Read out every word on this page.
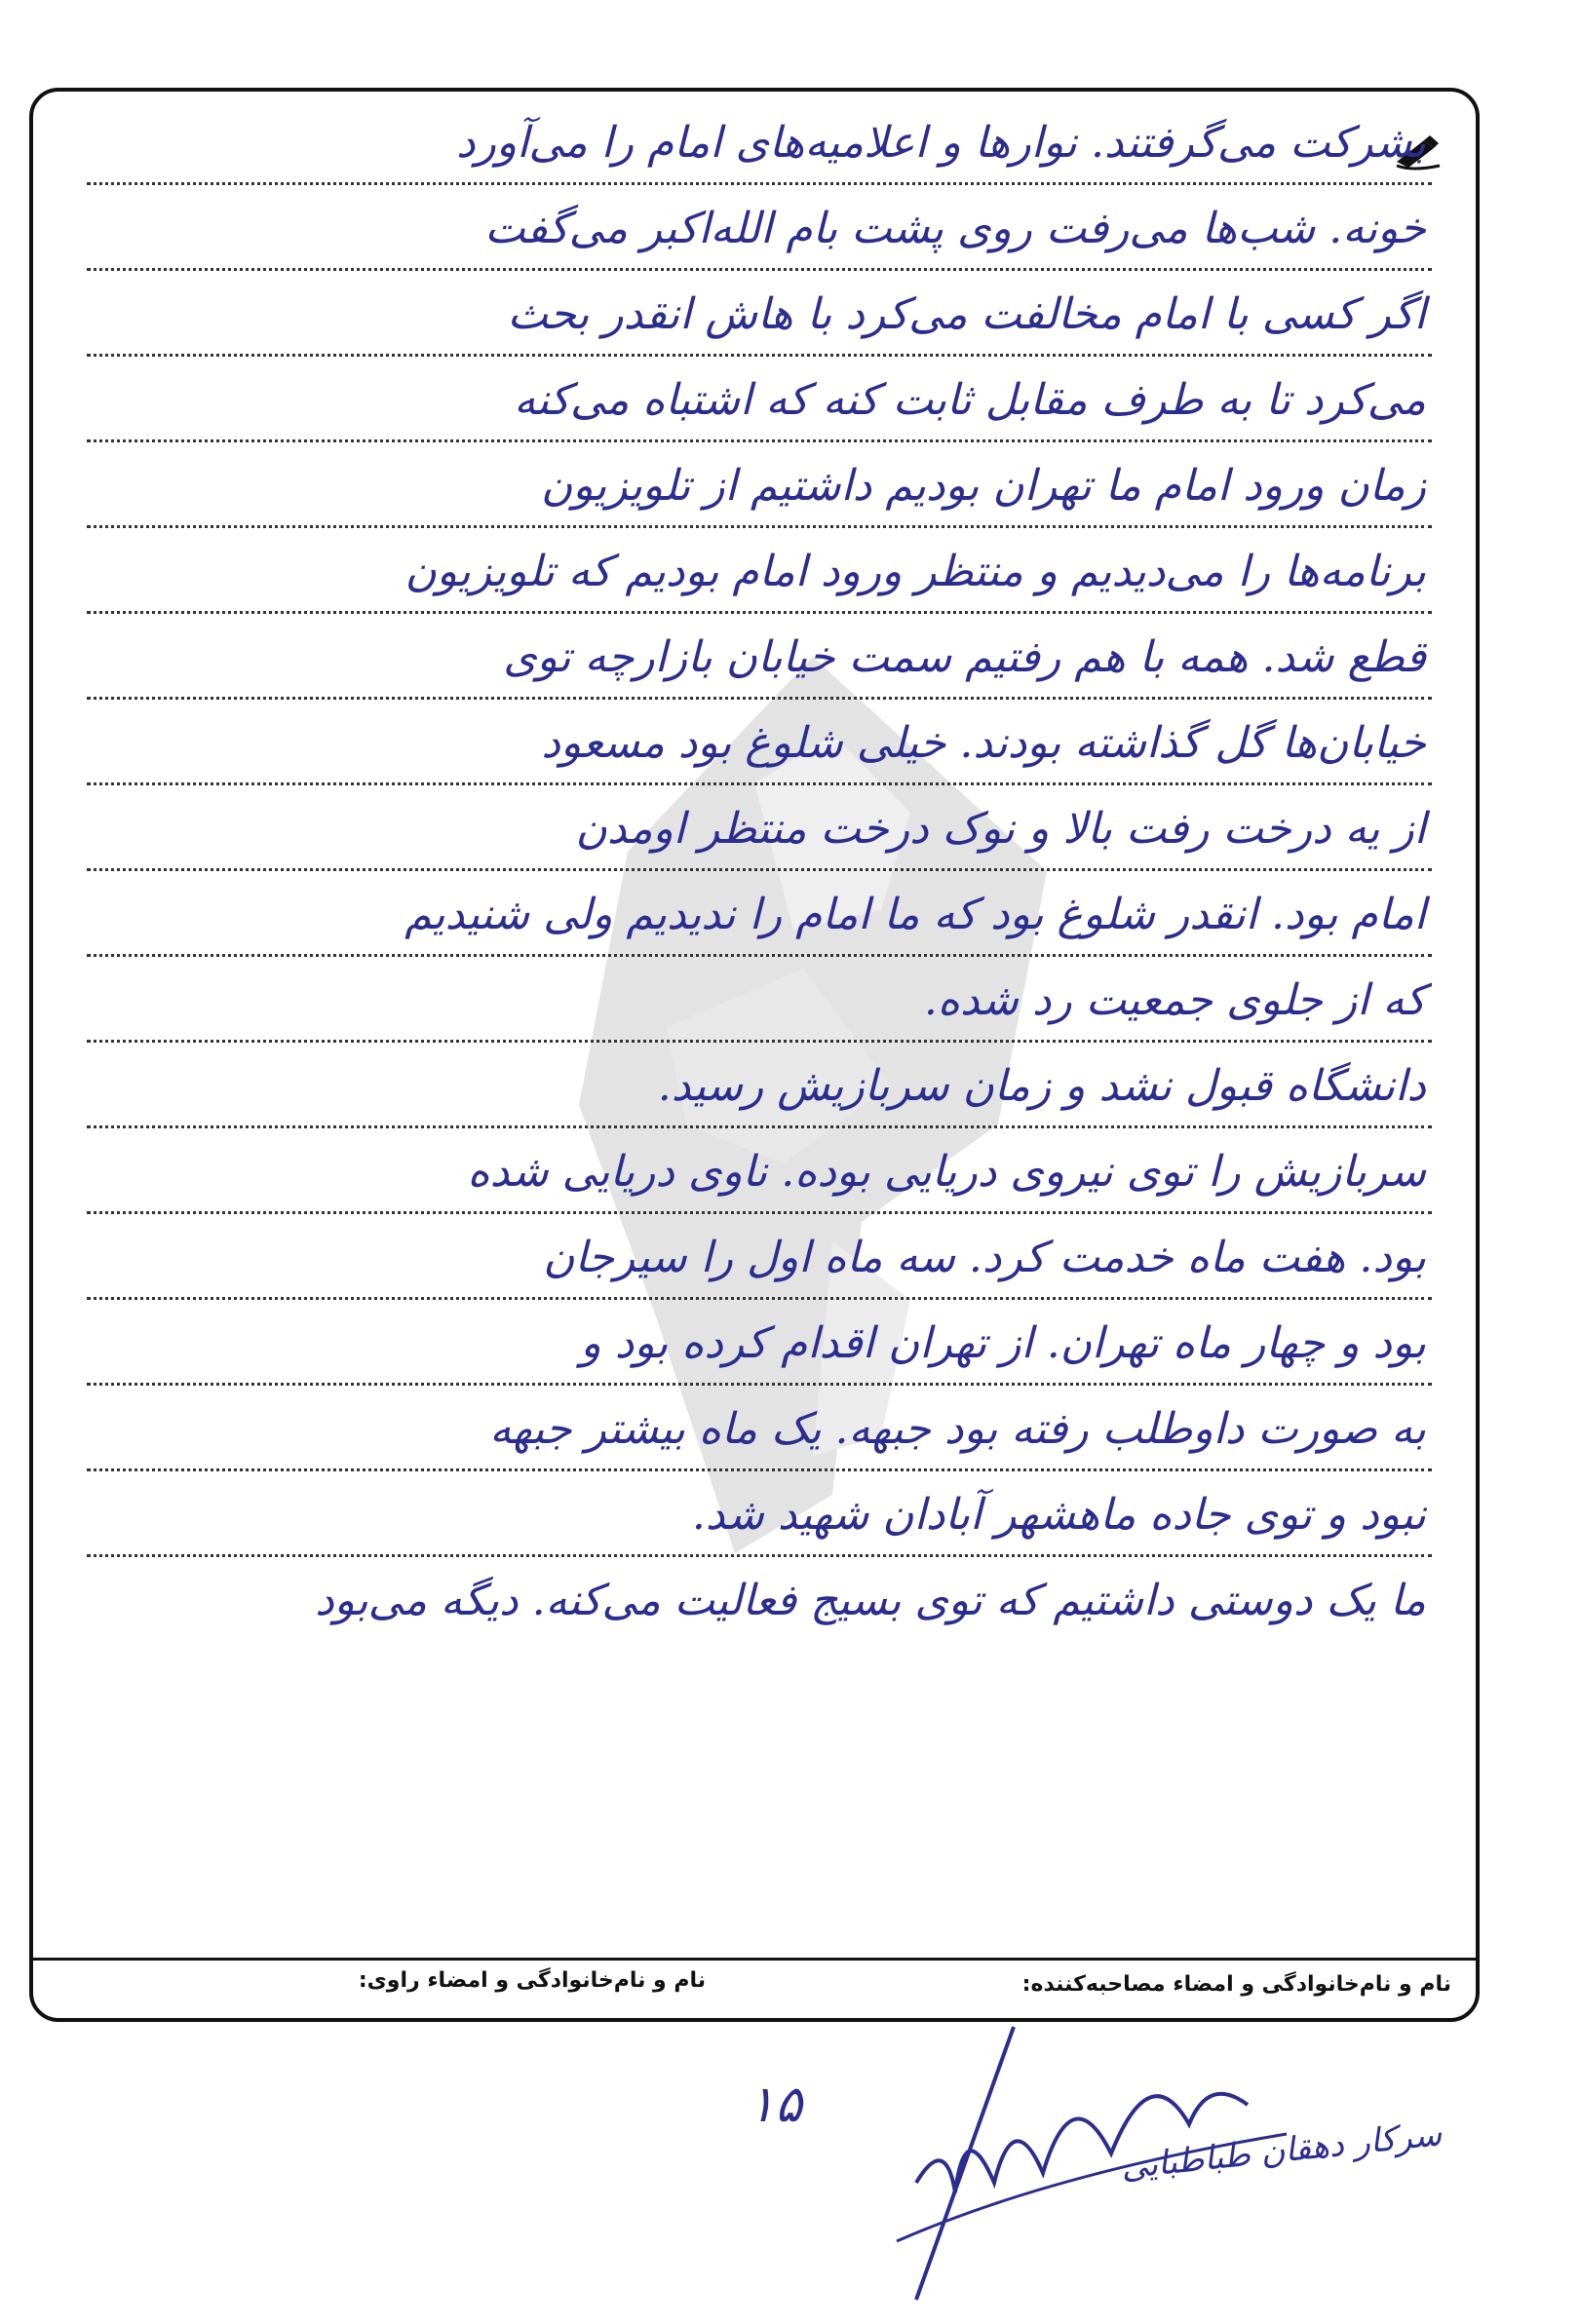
بشرکت می‌گرفتند. نوارها و اعلامیه‌های امام را می‌آورد
خونه. شب‌ها می‌رفت روی پشت بام الله‌اکبر می‌گفت
اگر کسی با امام مخالفت می‌کرد با هاش انقدر بحث
می‌کرد تا به طرف مقابل ثابت کنه که اشتباه می‌کنه
زمان ورود امام ما تهران بودیم داشتیم از تلویزیون
برنامه‌ها را می‌دیدیم و منتظر ورود امام بودیم که تلویزیون
قطع شد. همه با هم رفتیم سمت خیابان بازارچه توی
خیابان‌ها گل گذاشته بودند. خیلی شلوغ بود مسعود
از یه درخت رفت بالا و نوک درخت منتظر اومدن
امام بود. انقدر شلوغ بود که ما امام را ندیدیم ولی شنیدیم
که از جلوی جمعیت رد شده.
دانشگاه قبول نشد و زمان سربازیش رسید.
سربازیش را توی نیروی دریایی بوده. ناوی دریایی شده
بود. هفت ماه خدمت کرد. سه ماه اول را سیرجان
بود و چهار ماه تهران. از تهران اقدام کرده بود و
به صورت داوطلب رفته بود جبهه. یک ماه بیشتر جبهه
نبود و توی جاده ماهشهر آبادان شهید شد.
ما یک دوستی داشتیم که توی بسیج فعالیت می‌کنه. دیگه می‌بود
نام و نام‌خانوادگی و امضاء مصاحبه‌کننده:
نام و نام‌خانوادگی و امضاء راوی:
۱۵
سرکار دهقان طباطبایی
